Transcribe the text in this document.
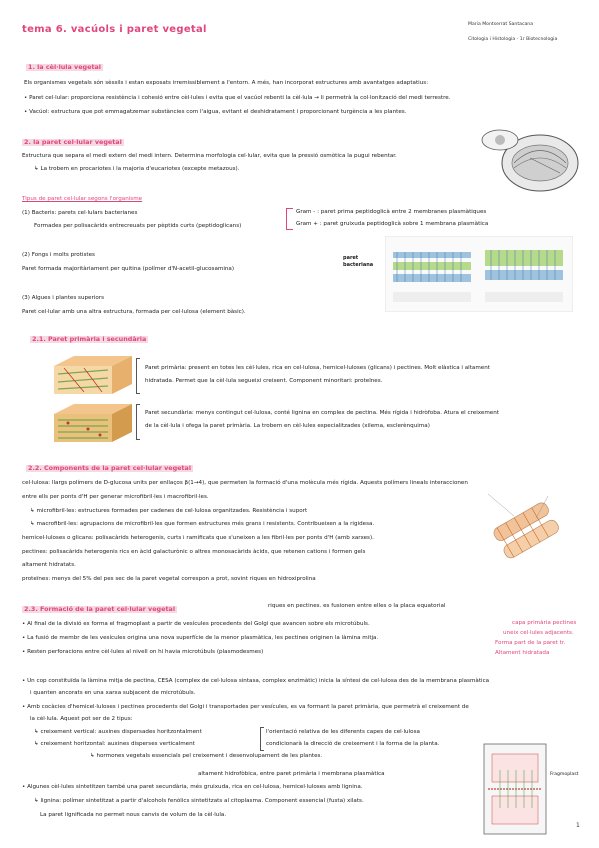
tema 6. vacúols i paret vegetal	Maria Montserrat Santacana
Citologia i Histologia - 1r Biotecnologia
1. la cèl·lula vegetal
Els organismes vegetals són sèssils i estan exposats irremissiblement a l'entorn. A més, han incorporat estructures amb avantatges adaptatius:
• Paret cel·lular: proporciona resistència i cohesió entre cèl·lules i evita que el vacúol rebenti la cèl·lula → li permetrà la col·lonització del medi terrestre.
• Vacúol: estructura que pot emmagatzemar substàncies com l'aigua, evitant el deshidratament i proporcionant turgència a les plantes.
2. la paret cel·lular vegetal
Estructura que separa el medi extern del medi intern. Determina morfologia cel·lular, evita que la pressió osmòtica la pugui rebentar.
↳ La trobem en procariotes i la majoria d'eucariotes (excepte metazous).
Tipus de paret cel·lular segons l'organisme
(1) Bacteris: parets cel·lulars bacterianes
Formades per polisacàrids entrecreuats per pèptids curts (peptidoglicans)
Gram - : paret prima peptidoglicà entre 2 membranes plasmàtiques
Gram + : paret gruixuda peptidoglicà sobre 1 membrana plasmàtica
(2) Fongs i molts protistes
Paret formada majoritàriament per quitina (polímer d'N-acetil-glucosamina)
(3) Algues i plantes superiors
Paret cel·lular amb una altra estructura, formada per cel·lulosa (element bàsic).
paret bacteriana
2.1. Paret primària i secundària
Paret primària: present en totes les cèl·lules, rica en cel·lulosa, hemicel·luloses (glicans) i pectines. Molt elàstica i altament
hidratada. Permet que la cèl·lula segueixi creixent. Component minoritari: proteïnes.
Paret secundària: menys contingut cel·lulosa, conté lignina en complex de pectina. Més rígida i hidròfoba. Atura el creixement
de la cèl·lula i ofega la paret primària. La trobem en cèl·lules especialitzades (xilema, esclerènquima)
2.2. Components de la paret cel·lular vegetal
cel·lulosa: llargs polímers de D-glucosa units per enllaços β(1→4), que permeten la formació d'una molècula més rígida. Aquests polímers lineals interaccionen
entre ells per ponts d'H per generar microfibril·les i macrofibril·les.
↳ microfibril·les: estructures formades per cadenes de cel·lulosa organitzades. Resistència i suport
↳ macrofibril·les: agrupacions de microfibril·les que formen estructures més grans i resistents. Contribueixen a la rigidesa.
hemicel·luloses o glicans: polisacàrids heterogenis, curts i ramificats que s'uneixen a les fibril·les per ponts d'H (amb xarxes).
pectines: polisacàrids heterogenis rics en àcid galacturònic o altres monosacàrids àcids, que retenen cations i formen gels
altament hidratats.
proteïnes: menys del 5% del pes sec de la paret vegetal correspon a prot, sovint riques en hidroxiprolina
2.3. Formació de la paret cel·lular vegetal	riques en pectines. es fusionen entre elles o la placa equatorial
• Al final de la divisió es forma el fragmoplast a partir de vesícules procedents del Golgi que avancen sobre els microtúbuls.
• La fusió de membr de les vesícules origina una nova superfície de la menor plasmàtica, les pectines originen la làmina mitja.
• Resten perforacions entre cèl·lules al nivell on hi havia microtúbuls (plasmodesmes)
capa primària pectines
uneix cel·lules adjacents.
Forma part de la paret tr.
Altament hidratada
• Un cop constituïda la làmina mitja de pectina, CESA (complex de cel·lulosa sintasa, complex enzimàtic) inicia la síntesi de cel·lulosa des de la membrana plasmàtica
i quanten ancorats en una xarxa subjacent de microtúbuls.
• Amb cocàcies d'hemicel·luloses i pectines procedents del Golgi i transportades per vesícules, es va formant la paret primària, que permetrà el creixement de
la cèl·lula. Aquest pot ser de 2 tipus:
↳ creixement vertical: auxines dispersades horitzontalment
↳ creixement horitzontal: auxines disperses verticalment
↳ hormones vegetals essencials pel creixement i desenvolupament de les plantes.
l'orientació relativa de les diferents capes de cel·lulosa
condicionarà la direcció de creixement i la forma de la planta.
altament hidrofòbica, entre paret primària i membrana plasmàtica
• Algunes cèl·lules sintetitzen també una paret secundària, més gruixuda, rica en cel·lulosa, hemicel·luloses amb lignina.
↳ lignina: polímer sintetitzat a partir d'alcohols fenòlics sintetitzats al citoplasma. Component essencial (fusta) xilats.
La paret lignificada no permet nous canvis de volum de la cèl·lula.
Fragmoplast
1
